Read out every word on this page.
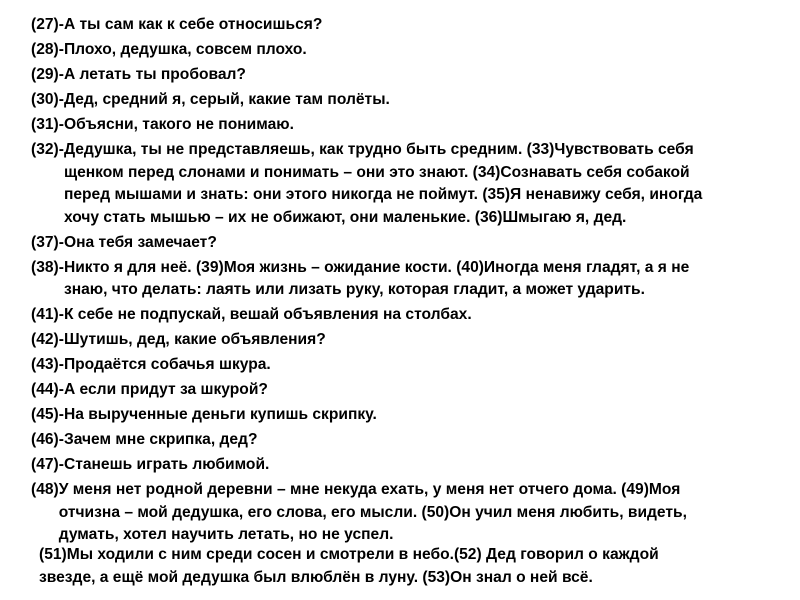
(27)- А ты сам как к себе относишься?
(28)- Плохо, дедушка, совсем плохо.
(29)- А летать ты пробовал?
(30)- Дед, средний я, серый, какие там полёты.
(31)- Объясни, такого не понимаю.
(32)- Дедушка, ты не представляешь, как трудно быть средним. (33)Чувствовать себя
щенком перед слонами и понимать – они это знают. (34)Сознавать себя собакой
перед мышами и знать: они этого никогда не поймут. (35)Я ненавижу себя, иногда
хочу стать мышью – их не обижают, они маленькие. (36)Шмыгаю я, дед.
(37)- Она тебя замечает?
(38)- Никто я для неё. (39)Моя жизнь – ожидание кости. (40)Иногда меня гладят, а я не
знаю, что делать: лаять или лизать руку, которая гладит, а может ударить.
(41)- К себе не подпускай, вешай объявления на столбах.
(42)- Шутишь, дед, какие объявления?
(43)- Продаётся собачья шкура.
(44)- А если придут за шкурой?
(45)- На вырученные деньги купишь скрипку.
(46)- Зачем мне скрипка, дед?
(47)- Станешь играть любимой.
(48) У меня нет родной деревни – мне некуда ехать, у меня нет отчего дома. (49)Моя
отчизна – мой дедушка, его слова, его мысли. (50)Он учил меня любить, видеть,
думать, хотел научить летать, но не успел.
(51)Мы ходили с ним среди сосен и смотрели в небо.(52) Дед говорил о каждой
звезде, а ещё мой дедушка был влюблён в луну. (53)Он знал о ней всё.
